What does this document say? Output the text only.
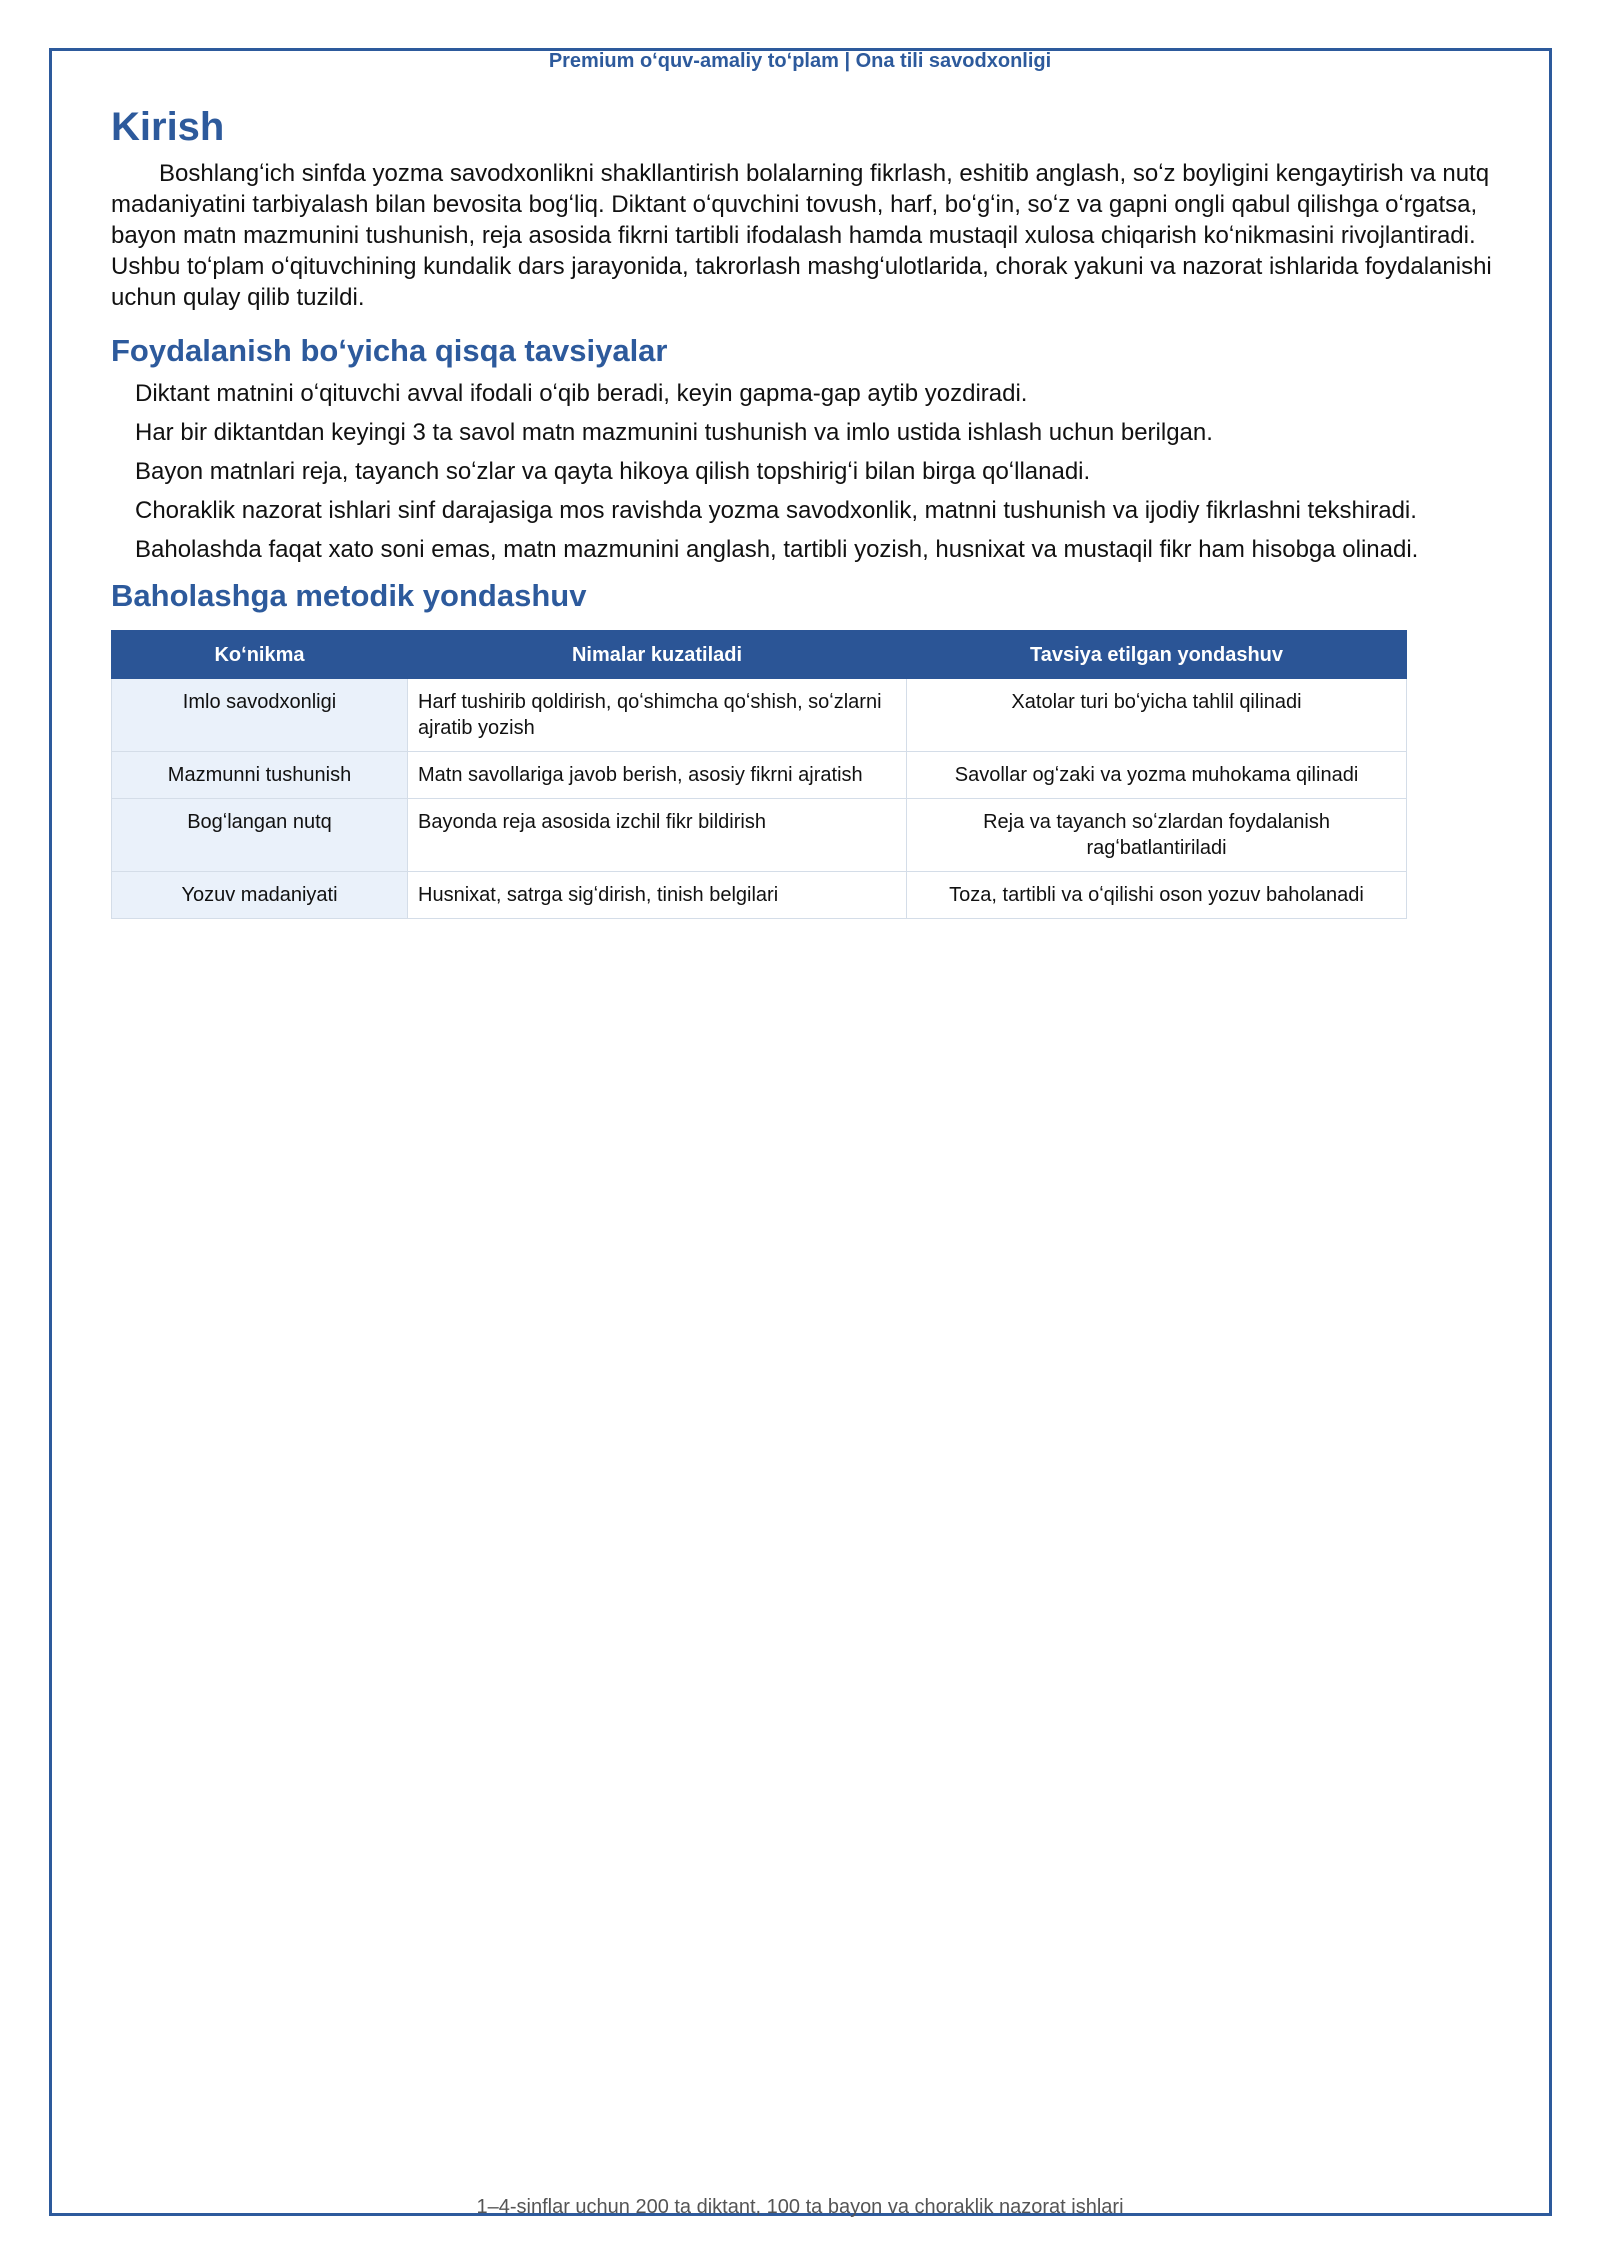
Premium oʻquv-amaliy toʻplam | Ona tili savodxonligi
Kirish

Boshlangʻich sinfda yozma savodxonlikni shakllantirish bolalarning fikrlash, eshitib anglash, soʻz boyligini kengaytirish va nutq madaniyatini tarbiyalash bilan bevosita bogʻliq. Diktant oʻquvchini tovush, harf, boʻgʻin, soʻz va gapni ongli qabul qilishga oʻrgatsa, bayon matn mazmunini tushunish, reja asosida fikrni tartibli ifodalash hamda mustaqil xulosa chiqarish koʻnikmasini rivojlantiradi. Ushbu toʻplam oʻqituvchining kundalik dars jarayonida, takrorlash mashgʻulotlarida, chorak yakuni va nazorat ishlarida foydalanishi uchun qulay qilib tuzildi.

Foydalanish boʻyicha qisqa tavsiyalar
Diktant matnini oʻqituvchi avval ifodali oʻqib beradi, keyin gapma-gap aytib yozdiradi.
Har bir diktantdan keyingi 3 ta savol matn mazmunini tushunish va imlo ustida ishlash uchun berilgan.
Bayon matnlari reja, tayanch soʻzlar va qayta hikoya qilish topshirigʻi bilan birga qoʻllanadi.
Choraklik nazorat ishlari sinf darajasiga mos ravishda yozma savodxonlik, matnni tushunish va ijodiy fikrlashni tekshiradi.
Baholashda faqat xato soni emas, matn mazmunini anglash, tartibli yozish, husnixat va mustaqil fikr ham hisobga olinadi.
Baholashga metodik yondashuv
Koʻnikma	Nimalar kuzatiladi	Tavsiya etilgan yondashuv
Imlo savodxonligi	Harf tushirib qoldirish, qoʻshimcha qoʻshish, soʻzlarni ajratib yozish	Xatolar turi boʻyicha tahlil qilinadi
Mazmunni tushunish	Matn savollariga javob berish, asosiy fikrni ajratish	Savollar ogʻzaki va yozma muhokama qilinadi
Bogʻlangan nutq	Bayonda reja asosida izchil fikr bildirish	Reja va tayanch soʻzlardan foydalanish ragʻbatlantiriladi
Yozuv madaniyati	Husnixat, satrga sigʻdirish, tinish belgilari	Toza, tartibli va oʻqilishi oson yozuv baholanadi
1–4-sinflar uchun 200 ta diktant, 100 ta bayon va choraklik nazorat ishlari
